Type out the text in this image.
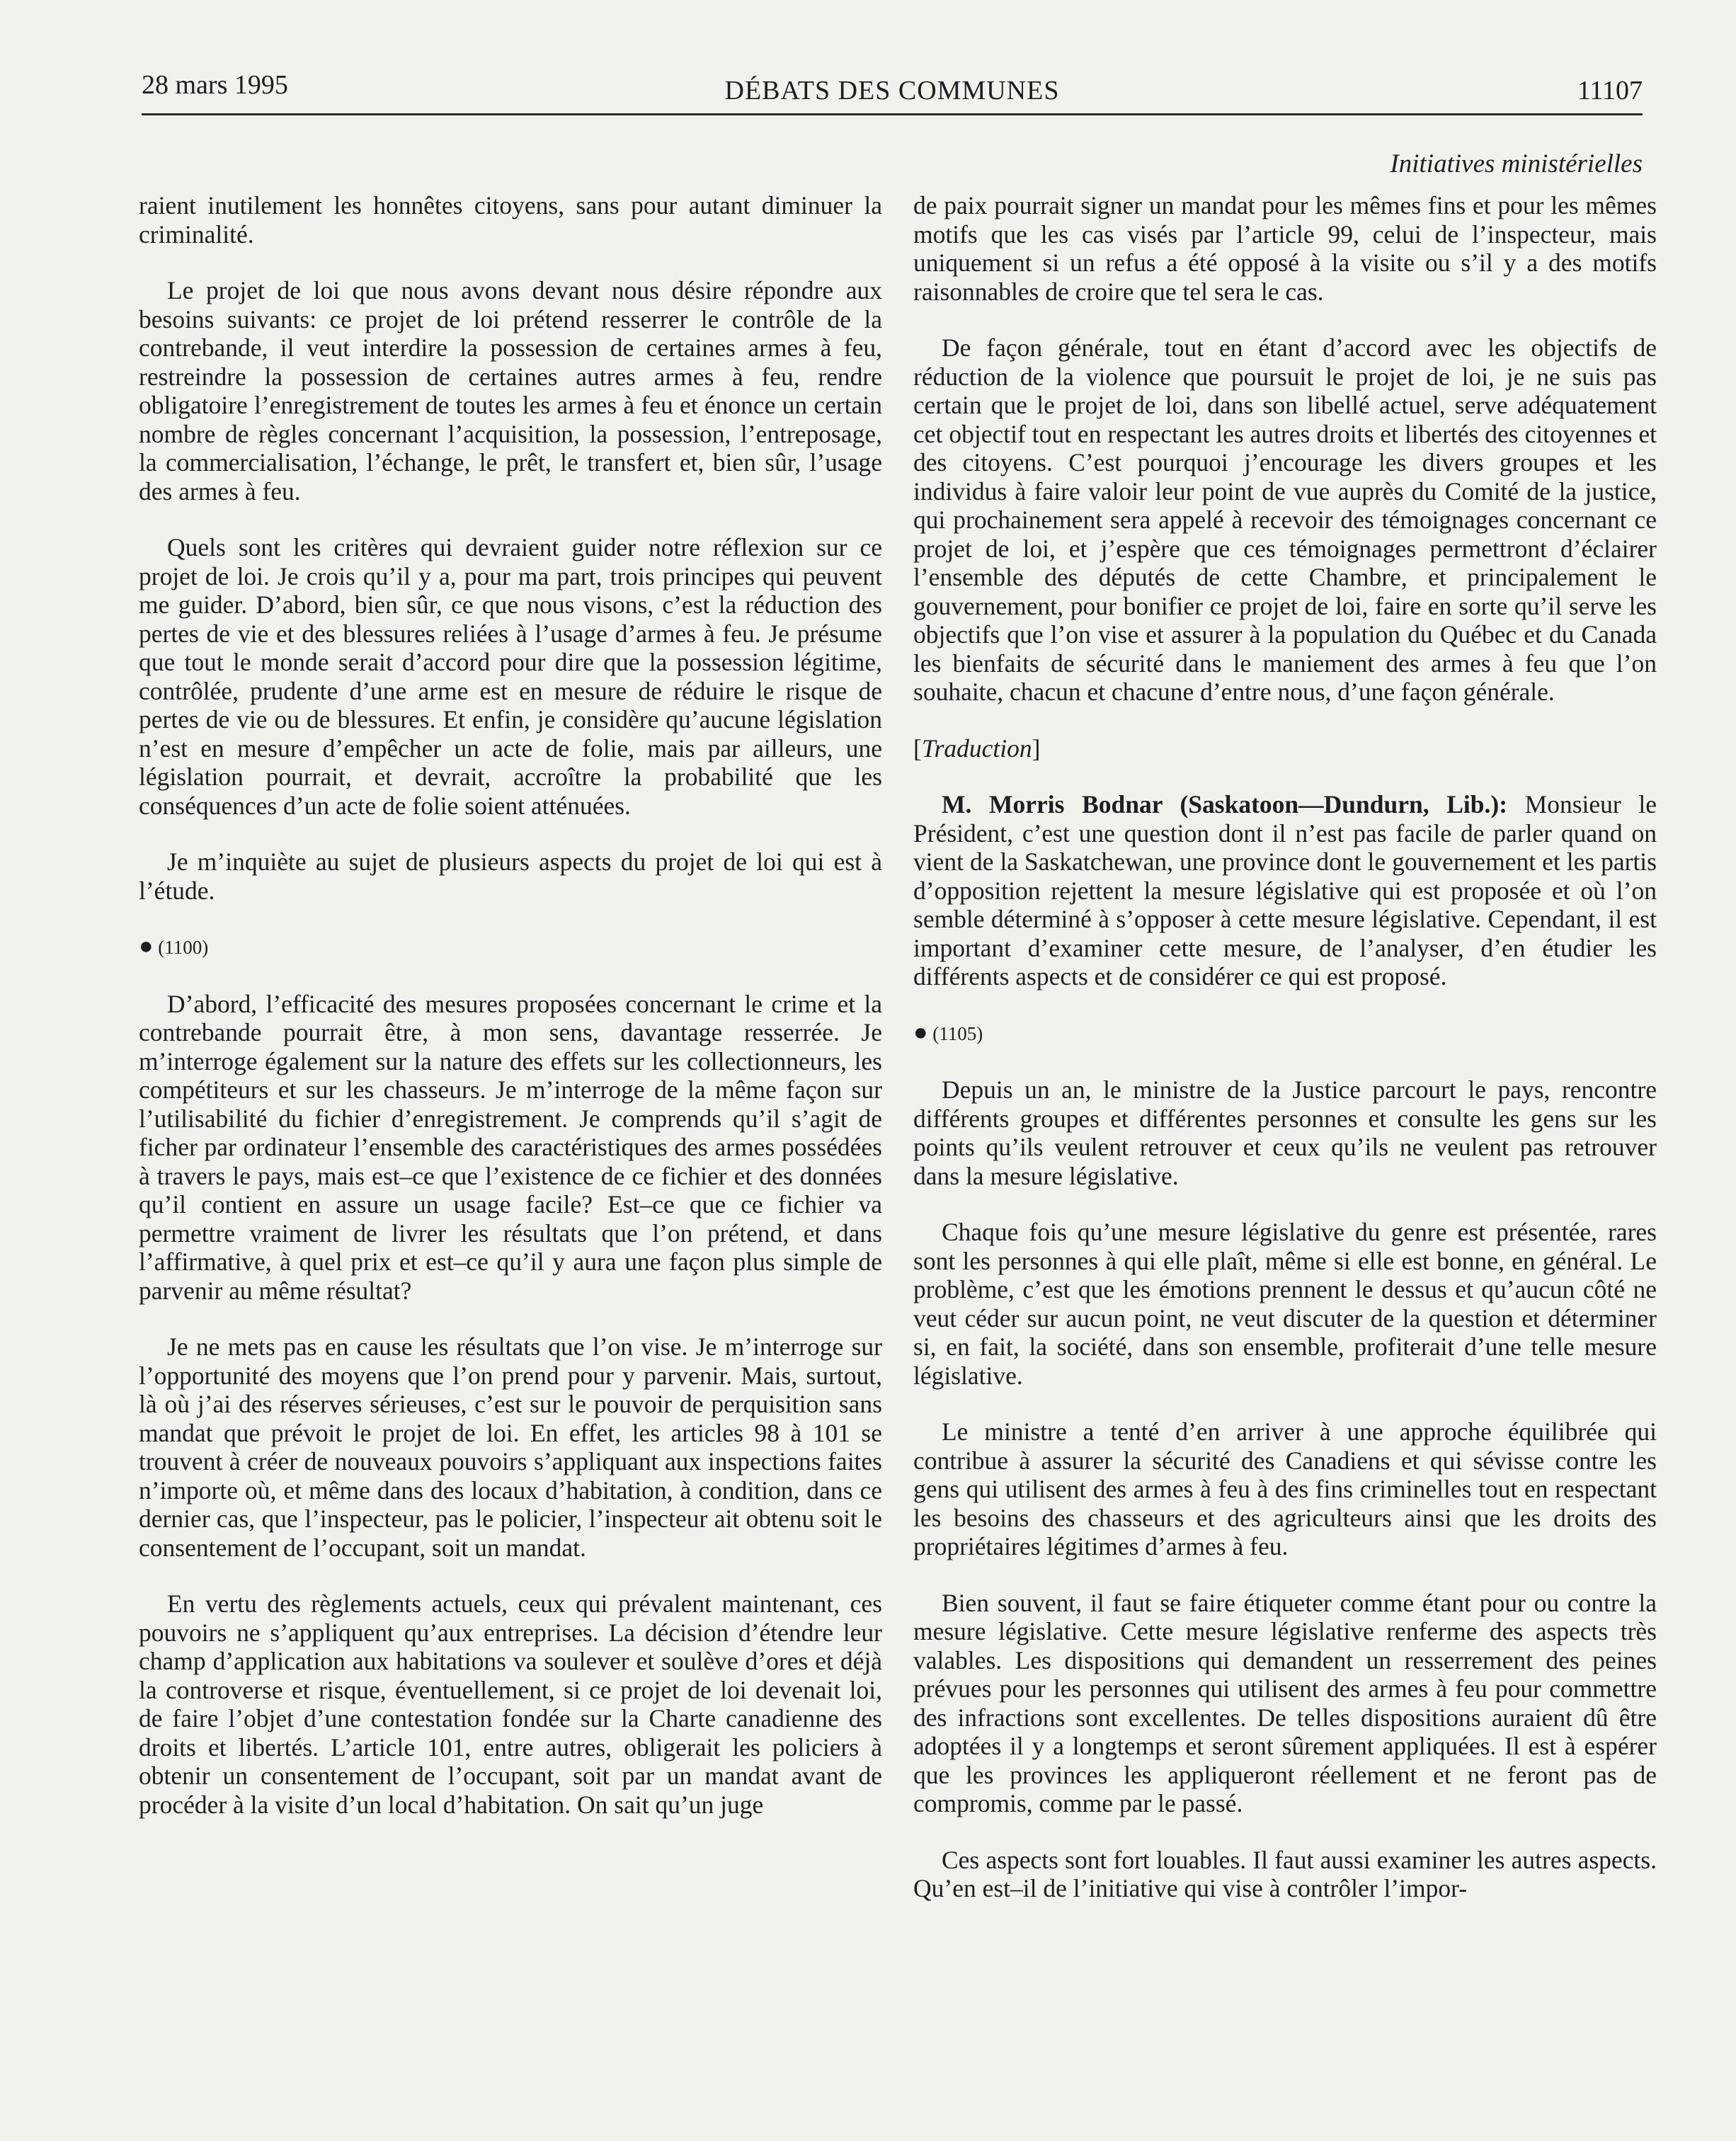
28 mars 1995	DÉBATS DES COMMUNES	11107
Initiatives ministérielles

raient inutilement les honnêtes citoyens, sans pour autant diminuer la criminalité.

Le projet de loi que nous avons devant nous désire répondre aux besoins suivants: ce projet de loi prétend resserrer le contrôle de la contrebande, il veut interdire la possession de certaines armes à feu, restreindre la possession de certaines autres armes à feu, rendre obligatoire l’enregistrement de toutes les armes à feu et énonce un certain nombre de règles concernant l’acquisition, la possession, l’entreposage, la commercialisation, l’échange, le prêt, le transfert et, bien sûr, l’usage des armes à feu.

Quels sont les critères qui devraient guider notre réflexion sur ce projet de loi. Je crois qu’il y a, pour ma part, trois principes qui peuvent me guider. D’abord, bien sûr, ce que nous visons, c’est la réduction des pertes de vie et des blessures reliées à l’usage d’armes à feu. Je présume que tout le monde serait d’accord pour dire que la possession légitime, contrôlée, prudente d’une arme est en mesure de réduire le risque de pertes de vie ou de blessures. Et enfin, je considère qu’aucune législation n’est en mesure d’empêcher un acte de folie, mais par ailleurs, une législation pourrait, et devrait, accroître la probabilité que les conséquences d’un acte de folie soient atténuées.

Je m’inquiète au sujet de plusieurs aspects du projet de loi qui est à l’étude.

● (1100)

D’abord, l’efficacité des mesures proposées concernant le crime et la contrebande pourrait être, à mon sens, davantage resserrée. Je m’interroge également sur la nature des effets sur les collectionneurs, les compétiteurs et sur les chasseurs. Je m’interroge de la même façon sur l’utilisabilité du fichier d’enregistrement. Je comprends qu’il s’agit de ficher par ordinateur l’ensemble des caractéristiques des armes possédées à travers le pays, mais est–ce que l’existence de ce fichier et des données qu’il contient en assure un usage facile? Est–ce que ce fichier va permettre vraiment de livrer les résultats que l’on prétend, et dans l’affirmative, à quel prix et est–ce qu’il y aura une façon plus simple de parvenir au même résultat?

Je ne mets pas en cause les résultats que l’on vise. Je m’interroge sur l’opportunité des moyens que l’on prend pour y parvenir. Mais, surtout, là où j’ai des réserves sérieuses, c’est sur le pouvoir de perquisition sans mandat que prévoit le projet de loi. En effet, les articles 98 à 101 se trouvent à créer de nouveaux pouvoirs s’appliquant aux inspections faites n’importe où, et même dans des locaux d’habitation, à condition, dans ce dernier cas, que l’inspecteur, pas le policier, l’inspecteur ait obtenu soit le consentement de l’occupant, soit un mandat.

En vertu des règlements actuels, ceux qui prévalent maintenant, ces pouvoirs ne s’appliquent qu’aux entreprises. La décision d’étendre leur champ d’application aux habitations va soulever et soulève d’ores et déjà la controverse et risque, éventuellement, si ce projet de loi devenait loi, de faire l’objet d’une contestation fondée sur la Charte canadienne des droits et libertés. L’article 101, entre autres, obligerait les policiers à obtenir un consentement de l’occupant, soit par un mandat avant de procéder à la visite d’un local d’habitation. On sait qu’un juge

de paix pourrait signer un mandat pour les mêmes fins et pour les mêmes motifs que les cas visés par l’article 99, celui de l’inspecteur, mais uniquement si un refus a été opposé à la visite ou s’il y a des motifs raisonnables de croire que tel sera le cas.

De façon générale, tout en étant d’accord avec les objectifs de réduction de la violence que poursuit le projet de loi, je ne suis pas certain que le projet de loi, dans son libellé actuel, serve adéquatement cet objectif tout en respectant les autres droits et libertés des citoyennes et des citoyens. C’est pourquoi j’encourage les divers groupes et les individus à faire valoir leur point de vue auprès du Comité de la justice, qui prochainement sera appelé à recevoir des témoignages concernant ce projet de loi, et j’espère que ces témoignages permettront d’éclairer l’ensemble des députés de cette Chambre, et principalement le gouvernement, pour bonifier ce projet de loi, faire en sorte qu’il serve les objectifs que l’on vise et assurer à la population du Québec et du Canada les bienfaits de sécurité dans le maniement des armes à feu que l’on souhaite, chacun et chacune d’entre nous, d’une façon générale.

[Traduction]

M. Morris Bodnar (Saskatoon—Dundurn, Lib.): Monsieur le Président, c’est une question dont il n’est pas facile de parler quand on vient de la Saskatchewan, une province dont le gouvernement et les partis d’opposition rejettent la mesure législative qui est proposée et où l’on semble déterminé à s’opposer à cette mesure législative. Cependant, il est important d’examiner cette mesure, de l’analyser, d’en étudier les différents aspects et de considérer ce qui est proposé.

● (1105)

Depuis un an, le ministre de la Justice parcourt le pays, rencontre différents groupes et différentes personnes et consulte les gens sur les points qu’ils veulent retrouver et ceux qu’ils ne veulent pas retrouver dans la mesure législative.

Chaque fois qu’une mesure législative du genre est présentée, rares sont les personnes à qui elle plaît, même si elle est bonne, en général. Le problème, c’est que les émotions prennent le dessus et qu’aucun côté ne veut céder sur aucun point, ne veut discuter de la question et déterminer si, en fait, la société, dans son ensemble, profiterait d’une telle mesure législative.

Le ministre a tenté d’en arriver à une approche équilibrée qui contribue à assurer la sécurité des Canadiens et qui sévisse contre les gens qui utilisent des armes à feu à des fins criminelles tout en respectant les besoins des chasseurs et des agriculteurs ainsi que les droits des propriétaires légitimes d’armes à feu.

Bien souvent, il faut se faire étiqueter comme étant pour ou contre la mesure législative. Cette mesure législative renferme des aspects très valables. Les dispositions qui demandent un resserrement des peines prévues pour les personnes qui utilisent des armes à feu pour commettre des infractions sont excellentes. De telles dispositions auraient dû être adoptées il y a longtemps et seront sûrement appliquées. Il est à espérer que les provinces les appliqueront réellement et ne feront pas de compromis, comme par le passé.

Ces aspects sont fort louables. Il faut aussi examiner les autres aspects. Qu’en est–il de l’initiative qui vise à contrôler l’impor-
